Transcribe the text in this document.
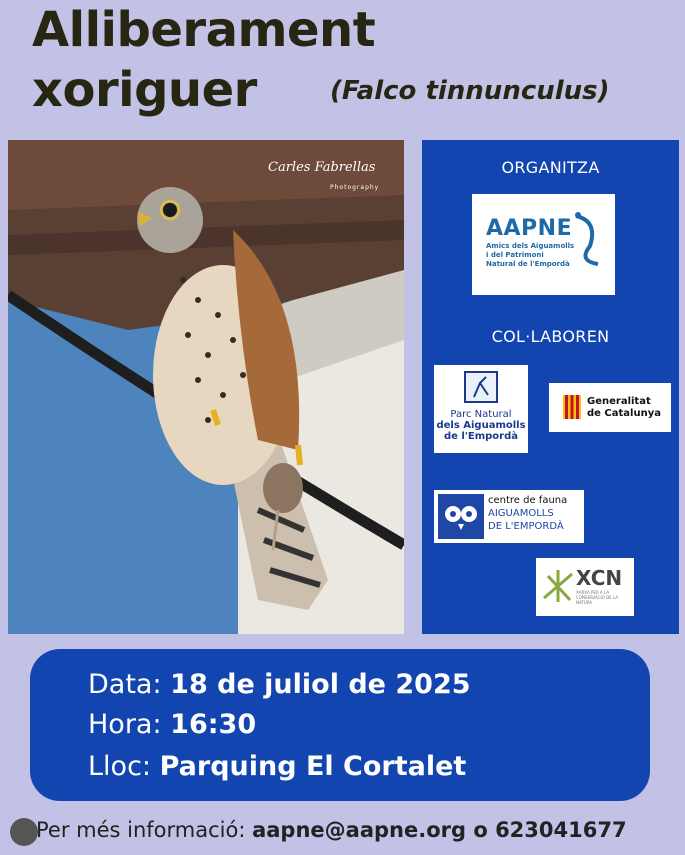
Alliberament
xoriguer	(Falco tinnunculus)
Carles Fabrellas
Photography
ORGANITZA
AAPNE
Amics dels Aiguamolls
i del Patrimoni
Natural de l'Empordà
COL·LABOREN
Parc Natural
dels Aiguamolls
de l'Empordà
Generalitat
de Catalunya
centre de fauna
AIGUAMOLLS
DE L'EMPORDÀ
XCN
XARXA PER A LA CONSERVACIÓ DE LA NATURA
Data: 18 de juliol de 2025
Hora: 16:30
Lloc: Parquing El Cortalet
Per més informació: aapne@aapne.org o 623041677
